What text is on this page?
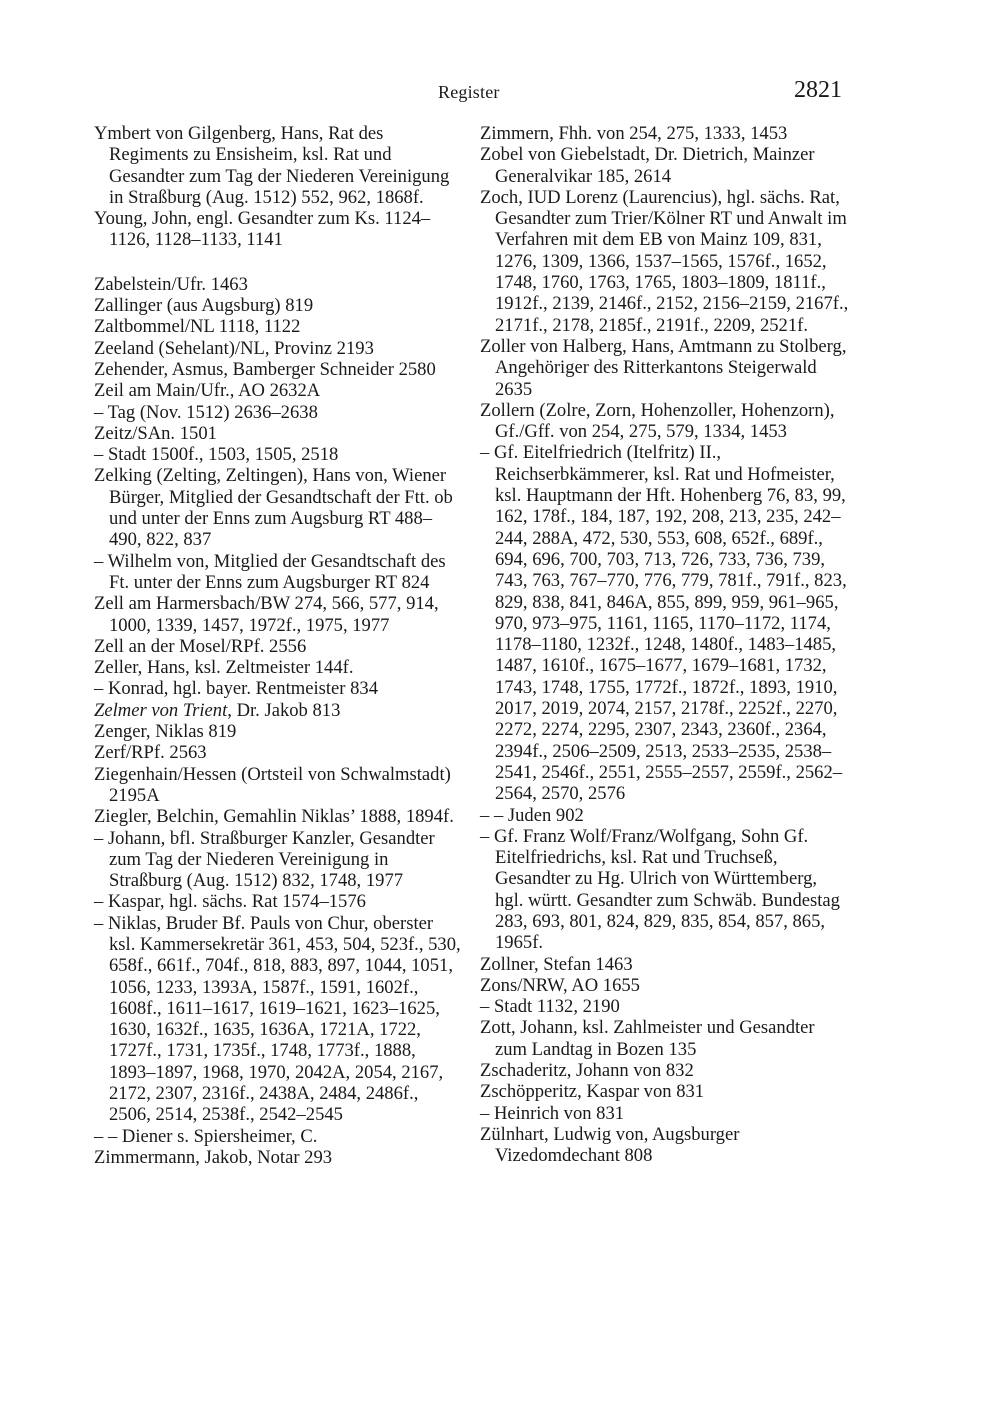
Register	2821

Ymbert von Gilgenberg, Hans, Rat des Regiments zu Ensisheim, ksl. Rat und Gesandter zum Tag der Niederen Vereinigung in Straßburg (Aug. 1512) 552, 962, 1868f.

Young, John, engl. Gesandter zum Ks. 1124–1126, 1128–1133, 1141

Zabelstein/Ufr. 1463

Zallinger (aus Augsburg) 819

Zaltbommel/NL 1118, 1122

Zeeland (Sehelant)/NL, Provinz 2193

Zehender, Asmus, Bamberger Schneider 2580

Zeil am Main/Ufr., AO 2632A

– Tag (Nov. 1512) 2636–2638

Zeitz/SAn. 1501

– Stadt 1500f., 1503, 1505, 2518

Zelking (Zelting, Zeltingen), Hans von, Wiener Bürger, Mitglied der Gesandtschaft der Ftt. ob und unter der Enns zum Augsburg RT 488–490, 822, 837

– Wilhelm von, Mitglied der Gesandtschaft des Ft. unter der Enns zum Augsburger RT 824

Zell am Harmersbach/BW 274, 566, 577, 914, 1000, 1339, 1457, 1972f., 1975, 1977

Zell an der Mosel/RPf. 2556

Zeller, Hans, ksl. Zeltmeister 144f.

– Konrad, hgl. bayer. Rentmeister 834

Zelmer von Trient, Dr. Jakob 813

Zenger, Niklas 819

Zerf/RPf. 2563

Ziegenhain/Hessen (Ortsteil von Schwalmstadt) 2195A

Ziegler, Belchin, Gemahlin Niklas’ 1888, 1894f.

– Johann, bfl. Straßburger Kanzler, Gesandter zum Tag der Niederen Vereinigung in Straßburg (Aug. 1512) 832, 1748, 1977

– Kaspar, hgl. sächs. Rat 1574–1576

– Niklas, Bruder Bf. Pauls von Chur, oberster ksl. Kammersekretär 361, 453, 504, 523f., 530, 658f., 661f., 704f., 818, 883, 897, 1044, 1051, 1056, 1233, 1393A, 1587f., 1591, 1602f., 1608f., 1611–1617, 1619–1621, 1623–1625, 1630, 1632f., 1635, 1636A, 1721A, 1722, 1727f., 1731, 1735f., 1748, 1773f., 1888, 1893–1897, 1968, 1970, 2042A, 2054, 2167, 2172, 2307, 2316f., 2438A, 2484, 2486f., 2506, 2514, 2538f., 2542–2545

– – Diener s. Spiersheimer, C.

Zimmermann, Jakob, Notar 293

Zimmern, Fhh. von 254, 275, 1333, 1453

Zobel von Giebelstadt, Dr. Dietrich, Mainzer Generalvikar 185, 2614

Zoch, IUD Lorenz (Laurencius), hgl. sächs. Rat, Gesandter zum Trier/Kölner RT und Anwalt im Verfahren mit dem EB von Mainz 109, 831, 1276, 1309, 1366, 1537–1565, 1576f., 1652, 1748, 1760, 1763, 1765, 1803–1809, 1811f., 1912f., 2139, 2146f., 2152, 2156–2159, 2167f., 2171f., 2178, 2185f., 2191f., 2209, 2521f.

Zoller von Halberg, Hans, Amtmann zu Stolberg, Angehöriger des Ritterkantons Steigerwald 2635

Zollern (Zolre, Zorn, Hohenzoller, Hohenzorn), Gf./Gff. von 254, 275, 579, 1334, 1453

– Gf. Eitelfriedrich (Itelfritz) II., Reichserbkämmerer, ksl. Rat und Hofmeister, ksl. Hauptmann der Hft. Hohenberg 76, 83, 99, 162, 178f., 184, 187, 192, 208, 213, 235, 242–244, 288A, 472, 530, 553, 608, 652f., 689f., 694, 696, 700, 703, 713, 726, 733, 736, 739, 743, 763, 767–770, 776, 779, 781f., 791f., 823, 829, 838, 841, 846A, 855, 899, 959, 961–965, 970, 973–975, 1161, 1165, 1170–1172, 1174, 1178–1180, 1232f., 1248, 1480f., 1483–1485, 1487, 1610f., 1675–1677, 1679–1681, 1732, 1743, 1748, 1755, 1772f., 1872f., 1893, 1910, 2017, 2019, 2074, 2157, 2178f., 2252f., 2270, 2272, 2274, 2295, 2307, 2343, 2360f., 2364, 2394f., 2506–2509, 2513, 2533–2535, 2538–2541, 2546f., 2551, 2555–2557, 2559f., 2562–2564, 2570, 2576

– – Juden 902

– Gf. Franz Wolf/Franz/Wolfgang, Sohn Gf. Eitelfriedrichs, ksl. Rat und Truchseß, Gesandter zu Hg. Ulrich von Württemberg, hgl. württ. Gesandter zum Schwäb. Bundestag 283, 693, 801, 824, 829, 835, 854, 857, 865, 1965f.

Zollner, Stefan 1463

Zons/NRW, AO 1655

– Stadt 1132, 2190

Zott, Johann, ksl. Zahlmeister und Gesandter zum Landtag in Bozen 135

Zschaderitz, Johann von 832

Zschöpperitz, Kaspar von 831

– Heinrich von 831

Zülnhart, Ludwig von, Augsburger Vizedomdechant 808
